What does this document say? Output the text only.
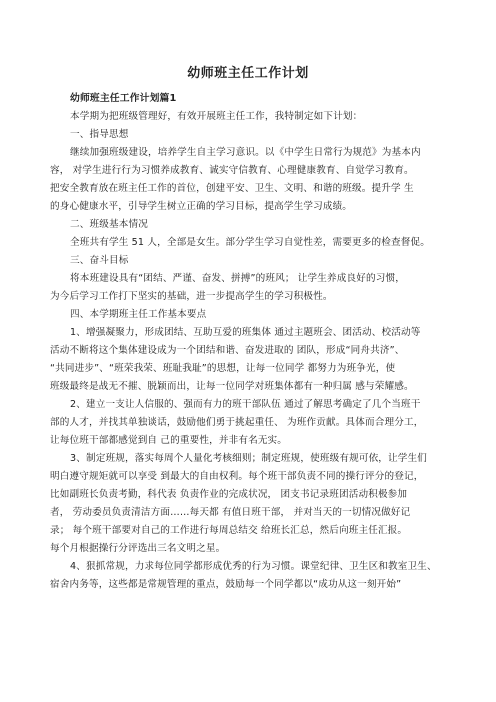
幼师班主任工作计划
幼师班主任工作计划篇1
本学期为把班级管理好，有效开展班主任工作，我特制定如下计划：
一、指导思想
继续加强班级建设，培养学生自主学习意识。以《中学生日常行为规范》为基本内
容， 对学生进行行为习惯养成教育、诚实守信教育、心理健康教育、自觉学习教育。
把安全教育放在班主任工作的首位，创建平安、卫生、文明、和谐的班级。提升学 生
的身心健康水平，引导学生树立正确的学习目标，提高学生学习成绩。
二、班级基本情况
全班共有学生 51 人，全部是女生。部分学生学习自觉性差，需要更多的检查督促。
三、奋斗目标
将本班建设具有“团结、严谨、奋发、拼搏”的班风； 让学生养成良好的习惯，
为今后学习工作打下坚实的基础，进一步提高学生的学习积极性。
四、本学期班主任工作基本要点
1、增强凝聚力，形成团结、互助互爱的班集体 通过主题班会、团活动、校活动等
活动不断将这个集体建设成为一个团结和谐、奋发进取的 团队，形成“同舟共济”、
“共同进步”、“班荣我荣、班耻我耻”的思想，让每一位同学 都努力为班争光，使
班级最终是战无不摧、脱颖而出，让每一位同学对班集体都有一种归属 感与荣耀感。
2、建立一支让人信服的、强而有力的班干部队伍 通过了解思考确定了几个当班干
部的人才，并找其单独谈话，鼓励他们勇于挑起重任、 为班作贡献。具体而合理分工，
让每位班干部都感觉到自 己的重要性，并非有名无实。
3、制定班规，落实每周个人量化考核细则；制定班规，使班级有规可依，让学生们
明白遵守规矩就可以享受 到最大的自由权利。每个班干部负责不同的操行评分的登记，
比如副班长负责考勤，科代表 负责作业的完成状况， 团支书记录班团活动积极参加
者， 劳动委员负责清洁方面……每天都 有值日班干部， 并对当天的一切情况做好记
录； 每个班干部要对自己的工作进行每周总结交 给班长汇总，然后向班主任汇报。
每个月根据操行分评选出三名文明之星。
4、狠抓常规，力求每位同学都形成优秀的行为习惯。课堂纪律、卫生区和教室卫生、
宿舍内务等，这些都是常规管理的重点，鼓励每一个同学都以“成功从这一刻开始”
